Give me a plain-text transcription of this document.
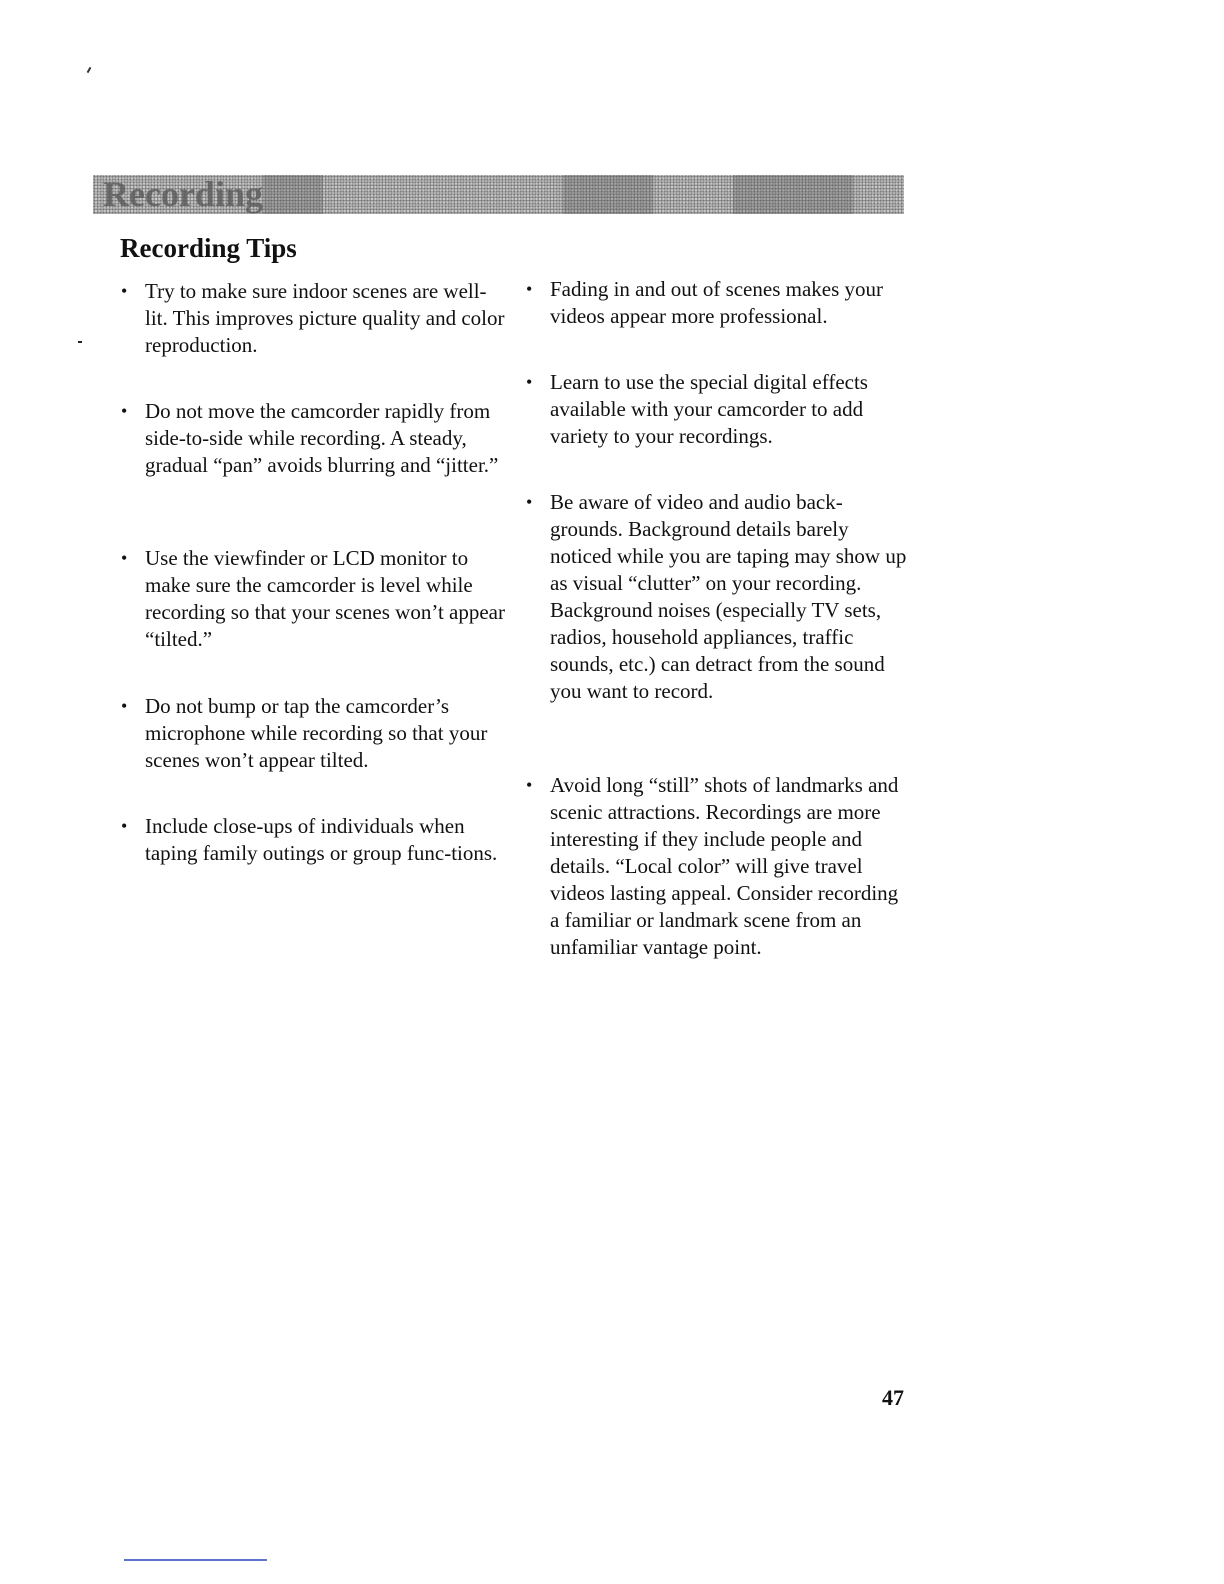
Recording
Recording Tips

• Try to make sure indoor scenes are well-lit. This improves picture quality and color reproduction.

• Do not move the camcorder rapidly from side-to-side while recording. A steady, gradual “pan” avoids blurring and “jitter.”

• Use the viewfinder or LCD monitor to make sure the camcorder is level while recording so that your scenes won’t appear “tilted.”

• Do not bump or tap the camcorder’s microphone while recording so that your scenes won’t appear tilted.

• Include close-ups of individuals when taping family outings or group func-tions.

• Fading in and out of scenes makes your videos appear more professional.

• Learn to use the special digital effects available with your camcorder to add variety to your recordings.

• Be aware of video and audio back-grounds. Background details barely noticed while you are taping may show up as visual “clutter” on your recording. Background noises (especially TV sets, radios, household appliances, traffic sounds, etc.) can detract from the sound you want to record.

• Avoid long “still” shots of landmarks and scenic attractions. Recordings are more interesting if they include people and details. “Local color” will give travel videos lasting appeal. Consider recording a familiar or landmark scene from an unfamiliar vantage point.

47
